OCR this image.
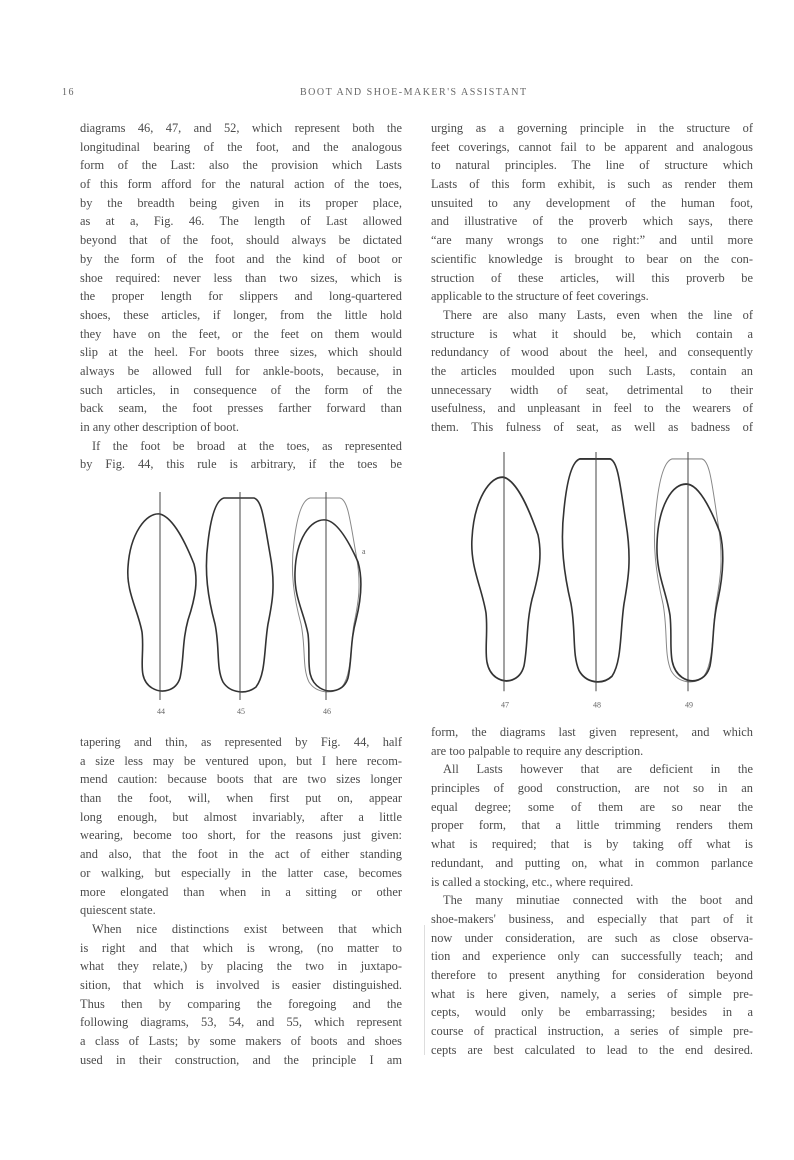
16	BOOT AND SHOE-MAKER'S ASSISTANT
diagrams 46, 47, and 52, which represent both the
longitudinal bearing of the foot, and the analogous
form of the Last: also the provision which Lasts
of this form afford for the natural action of the toes,
by the breadth being given in its proper place,
as at a, Fig. 46. The length of Last allowed
beyond that of the foot, should always be dictated
by the form of the foot and the kind of boot or
shoe required: never less than two sizes, which is
the proper length for slippers and long-quartered
shoes, these articles, if longer, from the little hold
they have on the feet, or the feet on them would
slip at the heel. For boots three sizes, which should
always be allowed full for ankle-boots, because, in
such articles, in consequence of the form of the
back seam, the foot presses farther forward than
in any other description of boot.
If the foot be broad at the toes, as represented
by Fig. 44, this rule is arbitrary, if the toes be
tapering and thin, as represented by Fig. 44, half
a size less may be ventured upon, but I here recom-
mend caution: because boots that are two sizes longer
than the foot, will, when first put on, appear
long enough, but almost invariably, after a little
wearing, become too short, for the reasons just given:
and also, that the foot in the act of either standing
or walking, but especially in the latter case, becomes
more elongated than when in a sitting or other
quiescent state.
When nice distinctions exist between that which
is right and that which is wrong, (no matter to
what they relate,) by placing the two in juxtapo-
sition, that which is involved is easier distinguished.
Thus then by comparing the foregoing and the
following diagrams, 53, 54, and 55, which represent
a class of Lasts; by some makers of boots and shoes
used in their construction, and the principle I am
urging as a governing principle in the structure of
feet coverings, cannot fail to be apparent and analogous
to natural principles. The line of structure which
Lasts of this form exhibit, is such as render them
unsuited to any development of the human foot,
and illustrative of the proverb which says, there
“are many wrongs to one right:” and until more
scientific knowledge is brought to bear on the con-
struction of these articles, will this proverb be
applicable to the structure of feet coverings.
There are also many Lasts, even when the line of
structure is what it should be, which contain a
redundancy of wood about the heel, and consequently
the articles moulded upon such Lasts, contain an
unnecessary width of seat, detrimental to their
usefulness, and unpleasant in feel to the wearers of
them. This fulness of seat, as well as badness of
form, the diagrams last given represent, and which
are too palpable to require any description.
All Lasts however that are deficient in the
principles of good construction, are not so in an
equal degree; some of them are so near the
proper form, that a little trimming renders them
what is required; that is by taking off what is
redundant, and putting on, what in common parlance
is called a stocking, etc., where required.
The many minutiae connected with the boot and
shoe-makers' business, and especially that part of it
now under consideration, are such as close observa-
tion and experience only can successfully teach; and
therefore to present anything for consideration beyond
what is here given, namely, a series of simple pre-
cepts, would only be embarrassing; besides in a
course of practical instruction, a series of simple pre-
cepts are best calculated to lead to the end desired.
44	45
a
46
47	48	49
